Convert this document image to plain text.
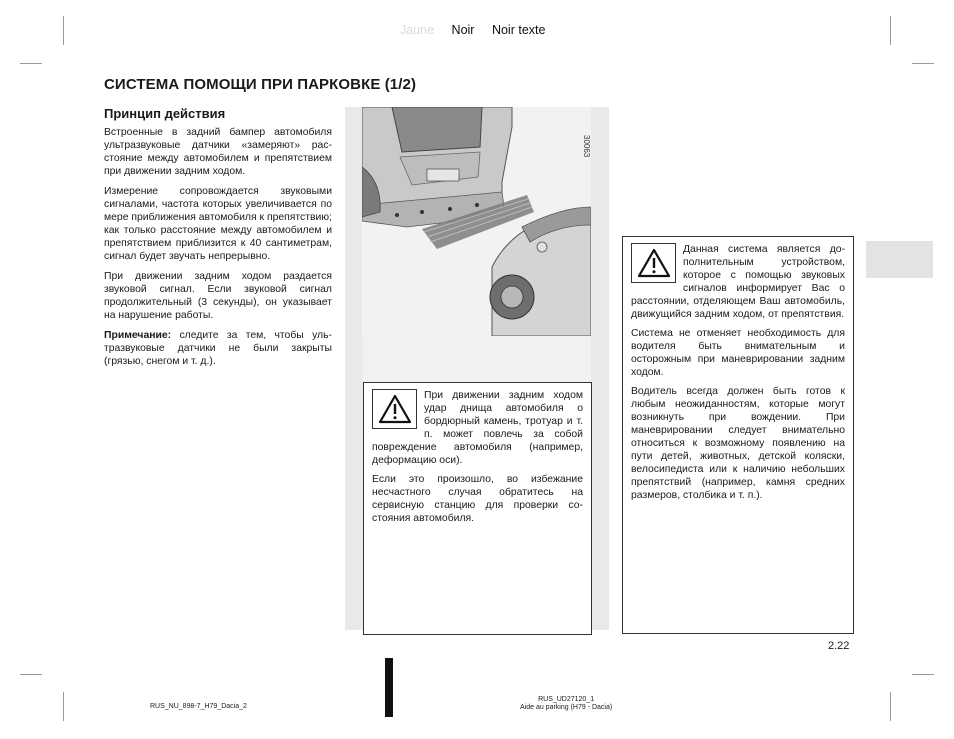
Jaune Noir Noir texte
СИСТЕМА ПОМОЩИ ПРИ ПАРКОВКЕ (1/2)
Принцип действия

Встроенные в задний бампер автомобиля ультразвуковые датчики «замеряют» расстояние между автомобилем и препятствием при движении задним ходом.

Измерение сопровождается звуковыми сигналами, частота которых увеличивается по мере приближения автомобиля к препятствию; как только расстояние между автомобилем и препятствием приблизится к 40 сантиметрам, сигнал будет звучать непрерывно.

При движении задним ходом раздается звуковой сигнал. Если звуковой сигнал продолжительный (3 секунды), он указывает на нарушение работы.

Примечание: следите за тем, чтобы ультразвуковые датчики не были закрыты (грязью, снегом и т. д.).

30063

При движении задним ходом удар днища автомобиля о бордюрный камень, тротуар и т. п. может повлечь за собой повреждение автомобиля (например, деформацию оси).

Если это произошло, во избежание несчастного случая обратитесь на сервисную станцию для проверки состояния автомобиля.

Данная система является дополнительным устройством, которое с помощью звуковых сигналов информирует Вас о расстоянии, отделяющем Ваш автомобиль, движущийся задним ходом, от препятствия.

Система не отменяет необходимость для водителя быть внимательным и осторожным при маневрировании задним ходом.

Водитель всегда должен быть готов к любым неожиданностям, которые могут возникнуть при вождении. При маневрировании следует внимательно относиться к возможному появлению на пути детей, животных, детской коляски, велосипедиста или к наличию небольших препятствий (например, камня средних размеров, столбика и т. п.).

2.22
RUS_NU_898-7_H79_Dacia_2
RUS_UD27120_1
Aide au parking (H79 - Dacia)
